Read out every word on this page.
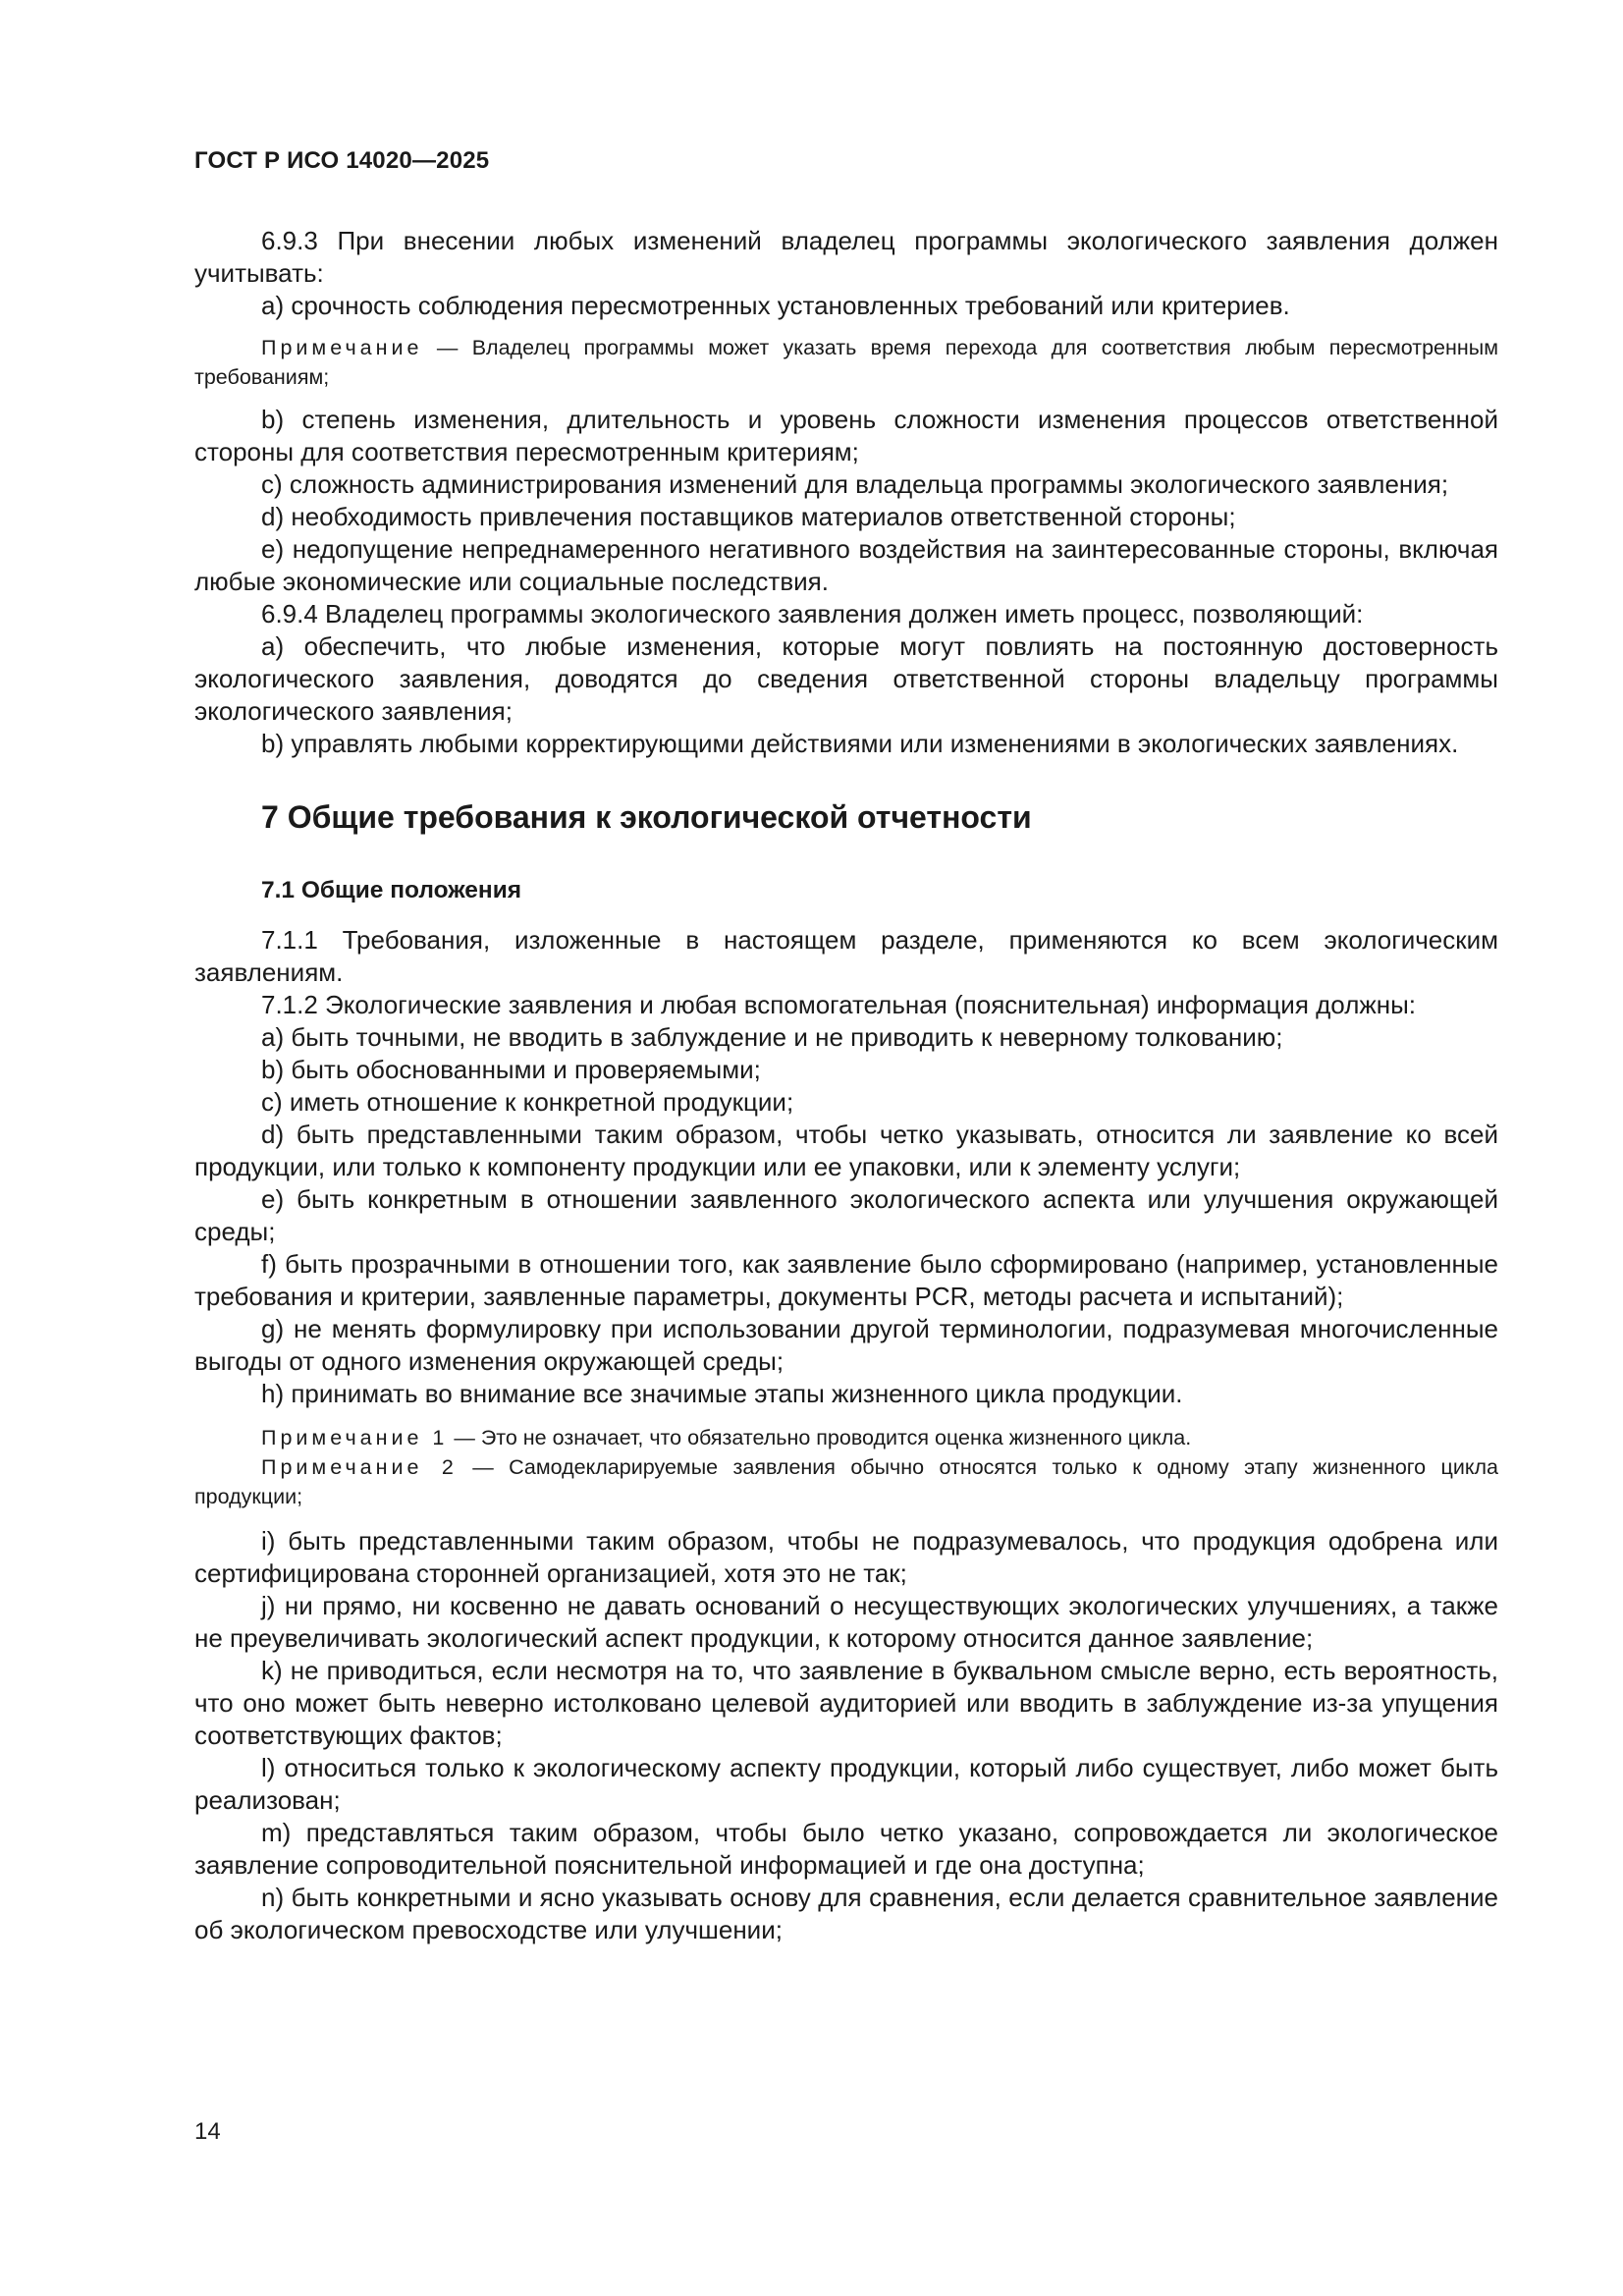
ГОСТ Р ИСО 14020—2025

6.9.3 При внесении любых изменений владелец программы экологического заявления должен учитывать:

a) срочность соблюдения пересмотренных установленных требований или критериев.

Примечание — Владелец программы может указать время перехода для соответствия любым пересмотренным требованиям;

b) степень изменения, длительность и уровень сложности изменения процессов ответственной стороны для соответствия пересмотренным критериям;

c) сложность администрирования изменений для владельца программы экологического заявления;

d) необходимость привлечения поставщиков материалов ответственной стороны;

e) недопущение непреднамеренного негативного воздействия на заинтересованные стороны, включая любые экономические или социальные последствия.

6.9.4 Владелец программы экологического заявления должен иметь процесс, позволяющий:

a) обеспечить, что любые изменения, которые могут повлиять на постоянную достоверность экологического заявления, доводятся до сведения ответственной стороны владельцу программы экологического заявления;

b) управлять любыми корректирующими действиями или изменениями в экологических заявлениях.

7 Общие требования к экологической отчетности
7.1 Общие положения

7.1.1 Требования, изложенные в настоящем разделе, применяются ко всем экологическим заявлениям.

7.1.2 Экологические заявления и любая вспомогательная (пояснительная) информация должны:

a) быть точными, не вводить в заблуждение и не приводить к неверному толкованию;

b) быть обоснованными и проверяемыми;

c) иметь отношение к конкретной продукции;

d) быть представленными таким образом, чтобы четко указывать, относится ли заявление ко всей продукции, или только к компоненту продукции или ее упаковки, или к элементу услуги;

e) быть конкретным в отношении заявленного экологического аспекта или улучшения окружающей среды;

f) быть прозрачными в отношении того, как заявление было сформировано (например, установленные требования и критерии, заявленные параметры, документы PCR, методы расчета и испытаний);

g) не менять формулировку при использовании другой терминологии, подразумевая многочисленные выгоды от одного изменения окружающей среды;

h) принимать во внимание все значимые этапы жизненного цикла продукции.

Примечание 1 — Это не означает, что обязательно проводится оценка жизненного цикла.

Примечание 2 — Самодекларируемые заявления обычно относятся только к одному этапу жизненного цикла продукции;

i) быть представленными таким образом, чтобы не подразумевалось, что продукция одобрена или сертифицирована сторонней организацией, хотя это не так;

j) ни прямо, ни косвенно не давать оснований о несуществующих экологических улучшениях, а также не преувеличивать экологический аспект продукции, к которому относится данное заявление;

k) не приводиться, если несмотря на то, что заявление в буквальном смысле верно, есть вероятность, что оно может быть неверно истолковано целевой аудиторией или вводить в заблуждение из-за упущения соответствующих фактов;

l) относиться только к экологическому аспекту продукции, который либо существует, либо может быть реализован;

m) представляться таким образом, чтобы было четко указано, сопровождается ли экологическое заявление сопроводительной пояснительной информацией и где она доступна;

n) быть конкретными и ясно указывать основу для сравнения, если делается сравнительное заявление об экологическом превосходстве или улучшении;

14
